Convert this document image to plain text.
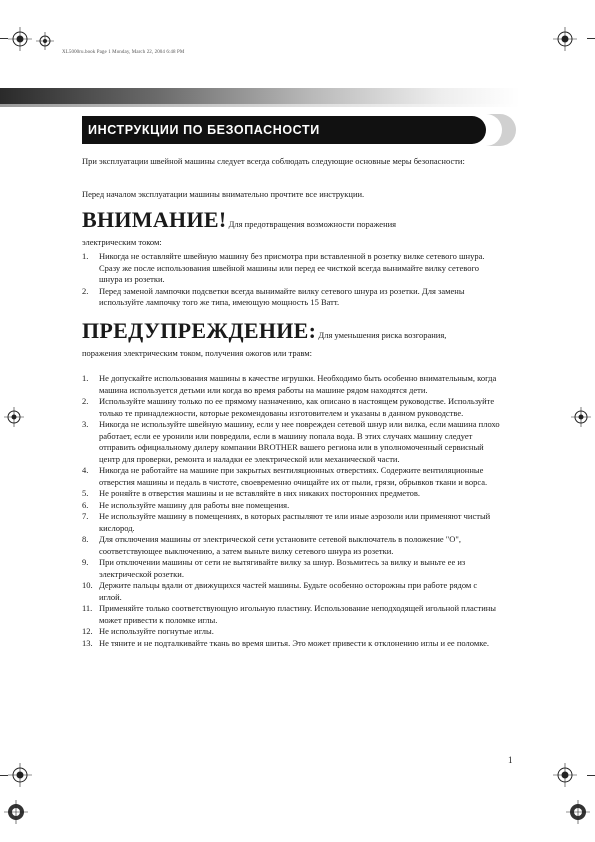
XL5000ru.book Page 1 Monday, March 22, 2004 6:48 PM
ИНСТРУКЦИИ ПО БЕЗОПАСНОСТИ
При эксплуатации швейной машины следует всегда соблюдать следующие основные меры безопасности:
Перед началом эксплуатации машины внимательно прочтите все инструкции.
ВНИМАНИЕ! Для предотвращения возможности поражения
электрическим током:
1. Никогда не оставляйте швейную машину без присмотра при вставленной в розетку вилке сетевого шнура. Сразу же после использования швейной машины или перед ее чисткой всегда вынимайте вилку сетевого шнура из розетки.
2. Перед заменой лампочки подсветки всегда вынимайте вилку сетевого шнура из розетки. Для замены используйте лампочку того же типа, имеющую мощность 15 Ватт.
ПРЕДУПРЕЖДЕНИЕ: Для уменьшения риска возгорания,
поражения электрическим током, получения ожогов или травм:
1. Не допускайте использования машины в качестве игрушки. Необходимо быть особенно внимательным, когда машина используется детьми или когда во время работы на машине рядом находятся дети.
2. Используйте машину только по ее прямому назначению, как описано в настоящем руководстве. Используйте только те принадлежности, которые рекомендованы изготовителем и указаны в данном руководстве.
3. Никогда не используйте швейную машину, если у нее поврежден сетевой шнур или вилка, если машина плохо работает, если ее уронили или повредили, если в машину попала вода. В этих случаях машину следует отправить официальному дилеру компании BROTHER вашего региона или в уполномоченный сервисный центр для проверки, ремонта и наладки ее электрической или механической части.
4. Никогда не работайте на машине при закрытых вентиляционных отверстиях. Содержите вентиляционные отверстия машины и педаль в чистоте, своевременно очищайте их от пыли, грязи, обрывков ткани и ворса.
5. Не роняйте в отверстия машины и не вставляйте в них никаких посторонних предметов.
6. Не используйте машину для работы вне помещения.
7. Не используйте машину в помещениях, в которых распыляют те или иные аэрозоли или применяют чистый кислород.
8. Для отключения машины от электрической сети установите сетевой выключатель в положение "О", соответствующее выключению, а затем выньте вилку сетевого шнура из розетки.
9. При отключении машины от сети не вытягивайте вилку за шнур. Возьмитесь за вилку и выньте ее из электрической розетки.
10. Держите пальцы вдали от движущихся частей машины. Будьте особенно осторожны при работе рядом с иглой.
11. Применяйте только соответствующую игольную пластину. Использование неподходящей игольной пластины может привести к поломке иглы.
12. Не используйте погнутые иглы.
13. Не тяните и не подталкивайте ткань во время шитья. Это может привести к отклонению иглы и ее поломке.
1
